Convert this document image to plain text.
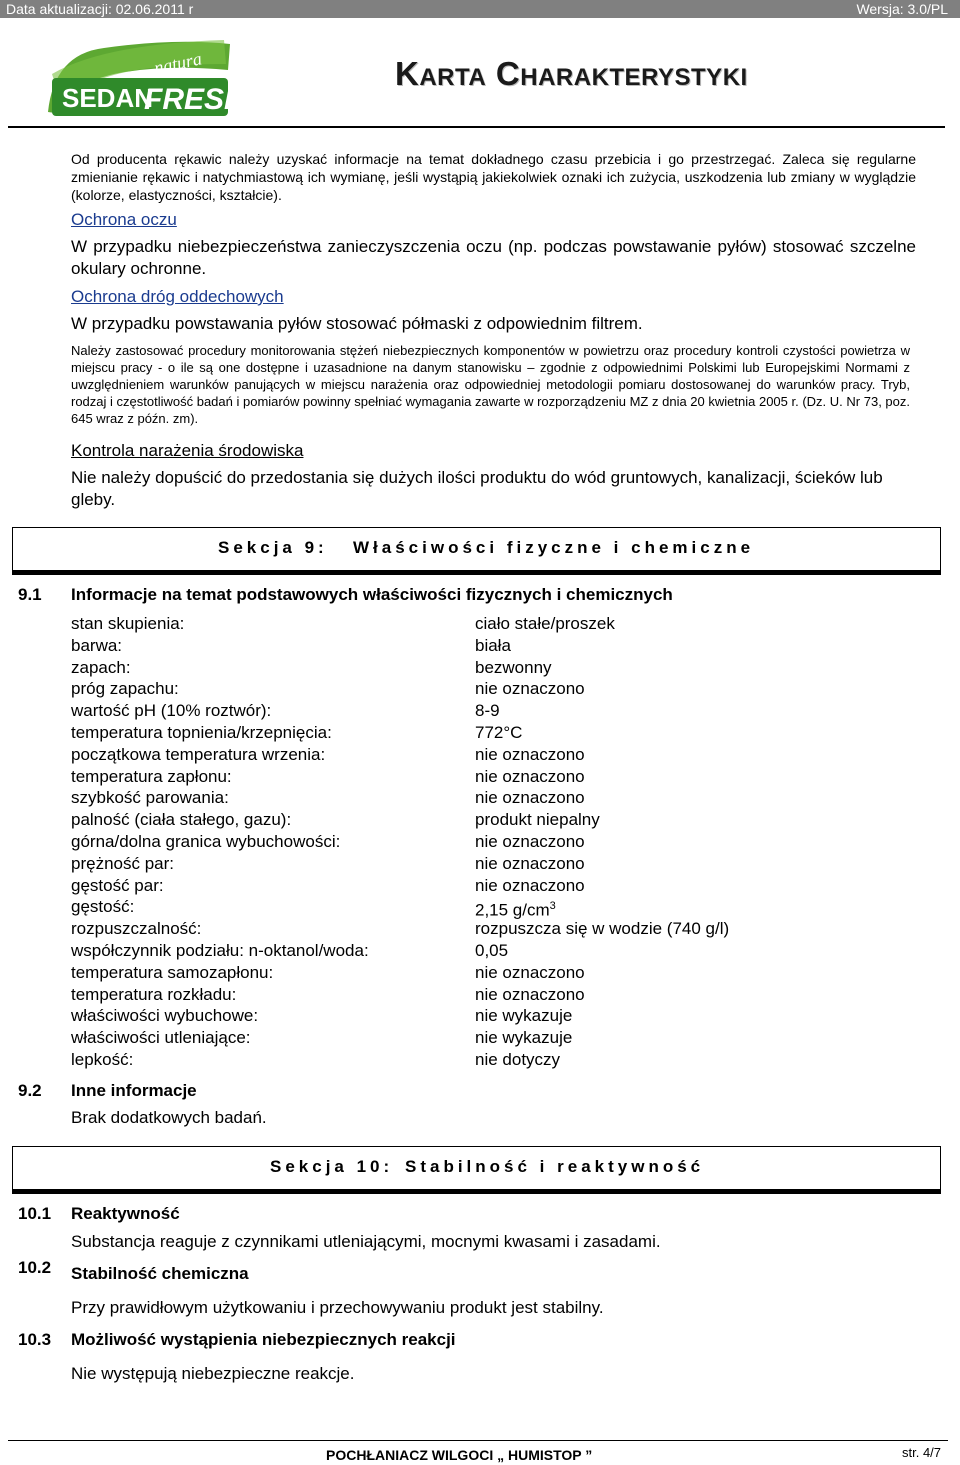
Data aktualizacji: 02.06.2011 r	Wersja: 3.0/PL
SEDAN
FRESH
natura	KARTA CHARAKTERYSTYKI
Od producenta rękawic należy uzyskać informacje na temat dokładnego czasu przebicia i go przestrzegać. Zaleca się regularne zmienianie rękawic i natychmiastową ich wymianę, jeśli wystąpią jakiekolwiek oznaki ich zużycia, uszkodzenia lub zmiany w wyglądzie (kolorze, elastyczności, kształcie).
Ochrona oczu
W przypadku niebezpieczeństwa zanieczyszczenia oczu (np. podczas powstawanie pyłów) stosować szczelne okulary ochronne.
Ochrona dróg oddechowych
W przypadku powstawania pyłów stosować półmaski z odpowiednim filtrem.
Należy zastosować procedury monitorowania stężeń niebezpiecznych komponentów w powietrzu oraz procedury kontroli czystości powietrza w miejscu pracy - o ile są one dostępne i uzasadnione na danym stanowisku – zgodnie z odpowiednimi Polskimi lub Europejskimi Normami z uwzględnieniem warunków panujących w miejscu narażenia oraz odpowiedniej metodologii pomiaru dostosowanej do warunków pracy. Tryb, rodzaj i częstotliwość badań i pomiarów powinny spełniać wymagania zawarte w rozporządzeniu MZ z dnia 20 kwietnia 2005 r. (Dz. U. Nr 73, poz. 645 wraz z późn. zm).
Kontrola narażenia środowiska
Nie należy dopuścić do przedostania się dużych ilości produktu do wód gruntowych, kanalizacji, ścieków lub gleby.
Sekcja 9: Właściwości fizyczne i chemiczne
9.1 Informacje na temat podstawowych właściwości fizycznych i chemicznych
stan skupienia:	ciało stałe/proszek
barwa:	biała
zapach:	bezwonny
próg zapachu:	nie oznaczono
wartość pH (10% roztwór):	8-9
temperatura topnienia/krzepnięcia:	772°C
początkowa temperatura wrzenia:	nie oznaczono
temperatura zapłonu:	nie oznaczono
szybkość parowania:	nie oznaczono
palność (ciała stałego, gazu):	produkt niepalny
górna/dolna granica wybuchowości:	nie oznaczono
prężność par:	nie oznaczono
gęstość par:	nie oznaczono
gęstość:	2,15 $g/cm^3$
rozpuszczalność:	rozpuszcza się w wodzie (740 g/l)
współczynnik podziału: n-oktanol/woda:	0,05
temperatura samozapłonu:	nie oznaczono
temperatura rozkładu:	nie oznaczono
właściwości wybuchowe:	nie wykazuje
właściwości utleniające:	nie wykazuje
lepkość:	nie dotyczy
9.2 Inne informacje
Brak dodatkowych badań.
Sekcja 10: Stabilność i reaktywność
10.1 Reaktywność
Substancja reaguje z czynnikami utleniającymi, mocnymi kwasami i zasadami.
10.2 Stabilność chemiczna
Przy prawidłowym użytkowaniu i przechowywaniu produkt jest stabilny.
10.3 Możliwość wystąpienia niebezpiecznych reakcji
Nie występują niebezpieczne reakcje.
POCHŁANIACZ WILGOCI „ HUMISTOP ”	str. 4/7
